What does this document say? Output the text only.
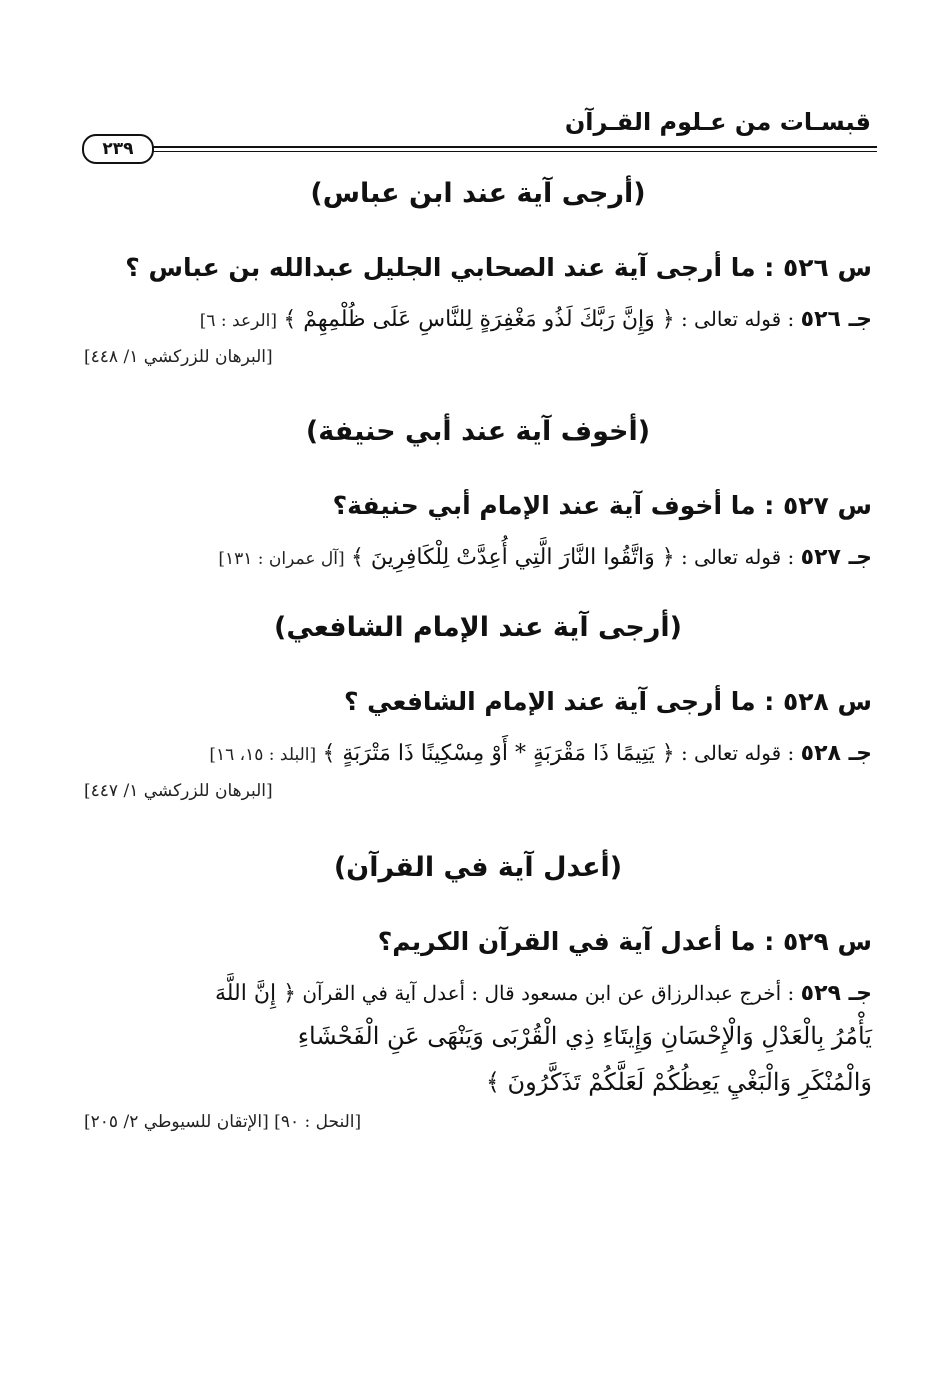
قبسـات من عـلوم القـرآن
٢٣٩
(أرجى آية عند ابن عباس)
س ٥٢٦ : ما أرجى آية عند الصحابي الجليل عبدالله بن عباس ؟
جـ ٥٢٦ : قوله تعالى : ﴿ وَإِنَّ رَبَّكَ لَذُو مَغْفِرَةٍ لِلنَّاسِ عَلَى ظُلْمِهِمْ ﴾ [الرعد : ٦]
[البرهان للزركشي ١/ ٤٤٨]
(أخوف آية عند أبي حنيفة)
س ٥٢٧ : ما أخوف آية عند الإمام أبي حنيفة؟
جـ ٥٢٧ : قوله تعالى : ﴿ وَاتَّقُوا النَّارَ الَّتِي أُعِدَّتْ لِلْكَافِرِينَ ﴾ [آل عمران : ١٣١]
(أرجى آية عند الإمام الشافعي)
س ٥٢٨ : ما أرجى آية عند الإمام الشافعي ؟
جـ ٥٢٨ : قوله تعالى : ﴿ يَتِيمًا ذَا مَقْرَبَةٍ * أَوْ مِسْكِينًا ذَا مَتْرَبَةٍ ﴾ [البلد : ١٥، ١٦]
[البرهان للزركشي ١/ ٤٤٧]
(أعدل آية في القرآن)
س ٥٢٩ : ما أعدل آية في القرآن الكريم؟
جـ ٥٢٩ : أخرج عبدالرزاق عن ابن مسعود قال : أعدل آية في القرآن ﴿ إِنَّ اللَّهَ
يَأْمُرُ بِالْعَدْلِ وَالْإِحْسَانِ وَإِيتَاءِ ذِي الْقُرْبَى وَيَنْهَى عَنِ الْفَحْشَاءِ
وَالْمُنْكَرِ وَالْبَغْيِ يَعِظُكُمْ لَعَلَّكُمْ تَذَكَّرُونَ ﴾
[النحل : ٩٠] [الإتقان للسيوطي ٢/ ٢٠٥]
